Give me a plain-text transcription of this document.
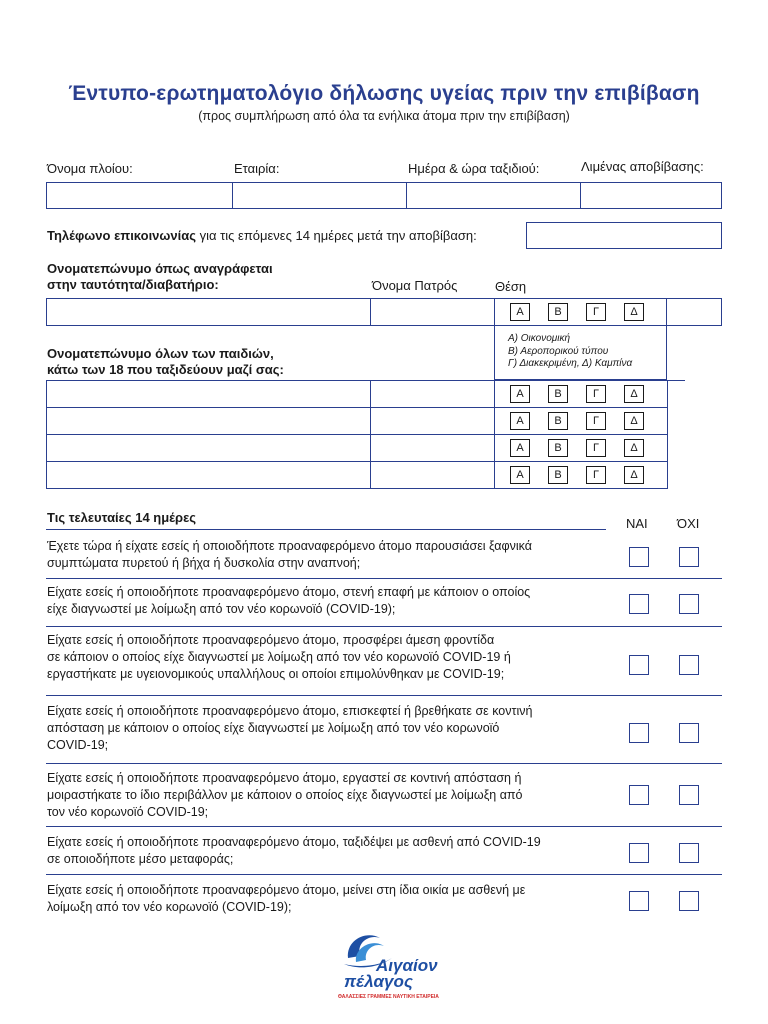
Έντυπο-ερωτηματολόγιο δήλωσης υγείας πριν την επιβίβαση
(προς συμπλήρωση από όλα τα ενήλικα άτομα πριν την επιβίβαση)
Όνομα πλοίου:	Εταιρία:	Ημέρα & ώρα ταξιδιού:	Λιμένας αποβίβασης:
Τηλέφωνο επικοινωνίας για τις επόμενες 14 ημέρες μετά την αποβίβαση:
Ονοματεπώνυμο όπως αναγράφεται
στην ταυτότητα/διαβατήριο:	Όνομα Πατρός	Θέση
Α	Β	Γ	Δ
Α) Οικονομική
Β) Αεροπορικού τύπου
Γ) Διακεκριμένη, Δ) Καμπίνα
Ονοματεπώνυμο όλων των παιδιών,
κάτω των 18 που ταξιδεύουν μαζί σας:
Α	Β	Γ	Δ
Α	Β	Γ	Δ
Α	Β	Γ	Δ
Α	Β	Γ	Δ
Τις τελευταίες 14 ημέρες	ΝΑΙ ΌΧΙ
Έχετε τώρα ή είχατε εσείς ή οποιοδήποτε προαναφερόμενο άτομο παρουσιάσει ξαφνικά
συμπτώματα πυρετού ή βήχα ή δυσκολία στην αναπνοή;
Είχατε εσείς ή οποιοδήποτε προαναφερόμενο άτομο, στενή επαφή με κάποιον ο οποίος
είχε διαγνωστεί με λοίμωξη από τον νέο κορωνοϊό (COVID-19);
Είχατε εσείς ή οποιοδήποτε προαναφερόμενο άτομο, προσφέρει άμεση φροντίδα
σε κάποιον ο οποίος είχε διαγνωστεί με λοίμωξη από τον νέο κορωνοϊό COVID-19 ή
εργαστήκατε με υγειονομικούς υπαλλήλους οι οποίοι επιμολύνθηκαν με COVID-19;
Είχατε εσείς ή οποιοδήποτε προαναφερόμενο άτομο, επισκεφτεί ή βρεθήκατε σε κοντινή
απόσταση με κάποιον ο οποίος είχε διαγνωστεί με λοίμωξη από τον νέο κορωνοϊό
COVID-19;
Είχατε εσείς ή οποιοδήποτε προαναφερόμενο άτομο, εργαστεί σε κοντινή απόσταση ή
μοιραστήκατε το ίδιο περιβάλλον με κάποιον ο οποίος είχε διαγνωστεί με λοίμωξη από
τον νέο κορωνοϊό COVID-19;
Είχατε εσείς ή οποιοδήποτε προαναφερόμενο άτομο, ταξιδέψει με ασθενή από COVID-19
σε οποιοδήποτε μέσο μεταφοράς;
Είχατε εσείς ή οποιοδήποτε προαναφερόμενο άτομο, μείνει στη ίδια οικία με ασθενή με
λοίμωξη από τον νέο κορωνοϊό (COVID-19);
Αιγαίον
πέλαγος
ΘΑΛΑΣΣΙΕΣ ΓΡΑΜΜΕΣ ΝΑΥΤΙΚΗ ΕΤΑΙΡΕΙΑ
